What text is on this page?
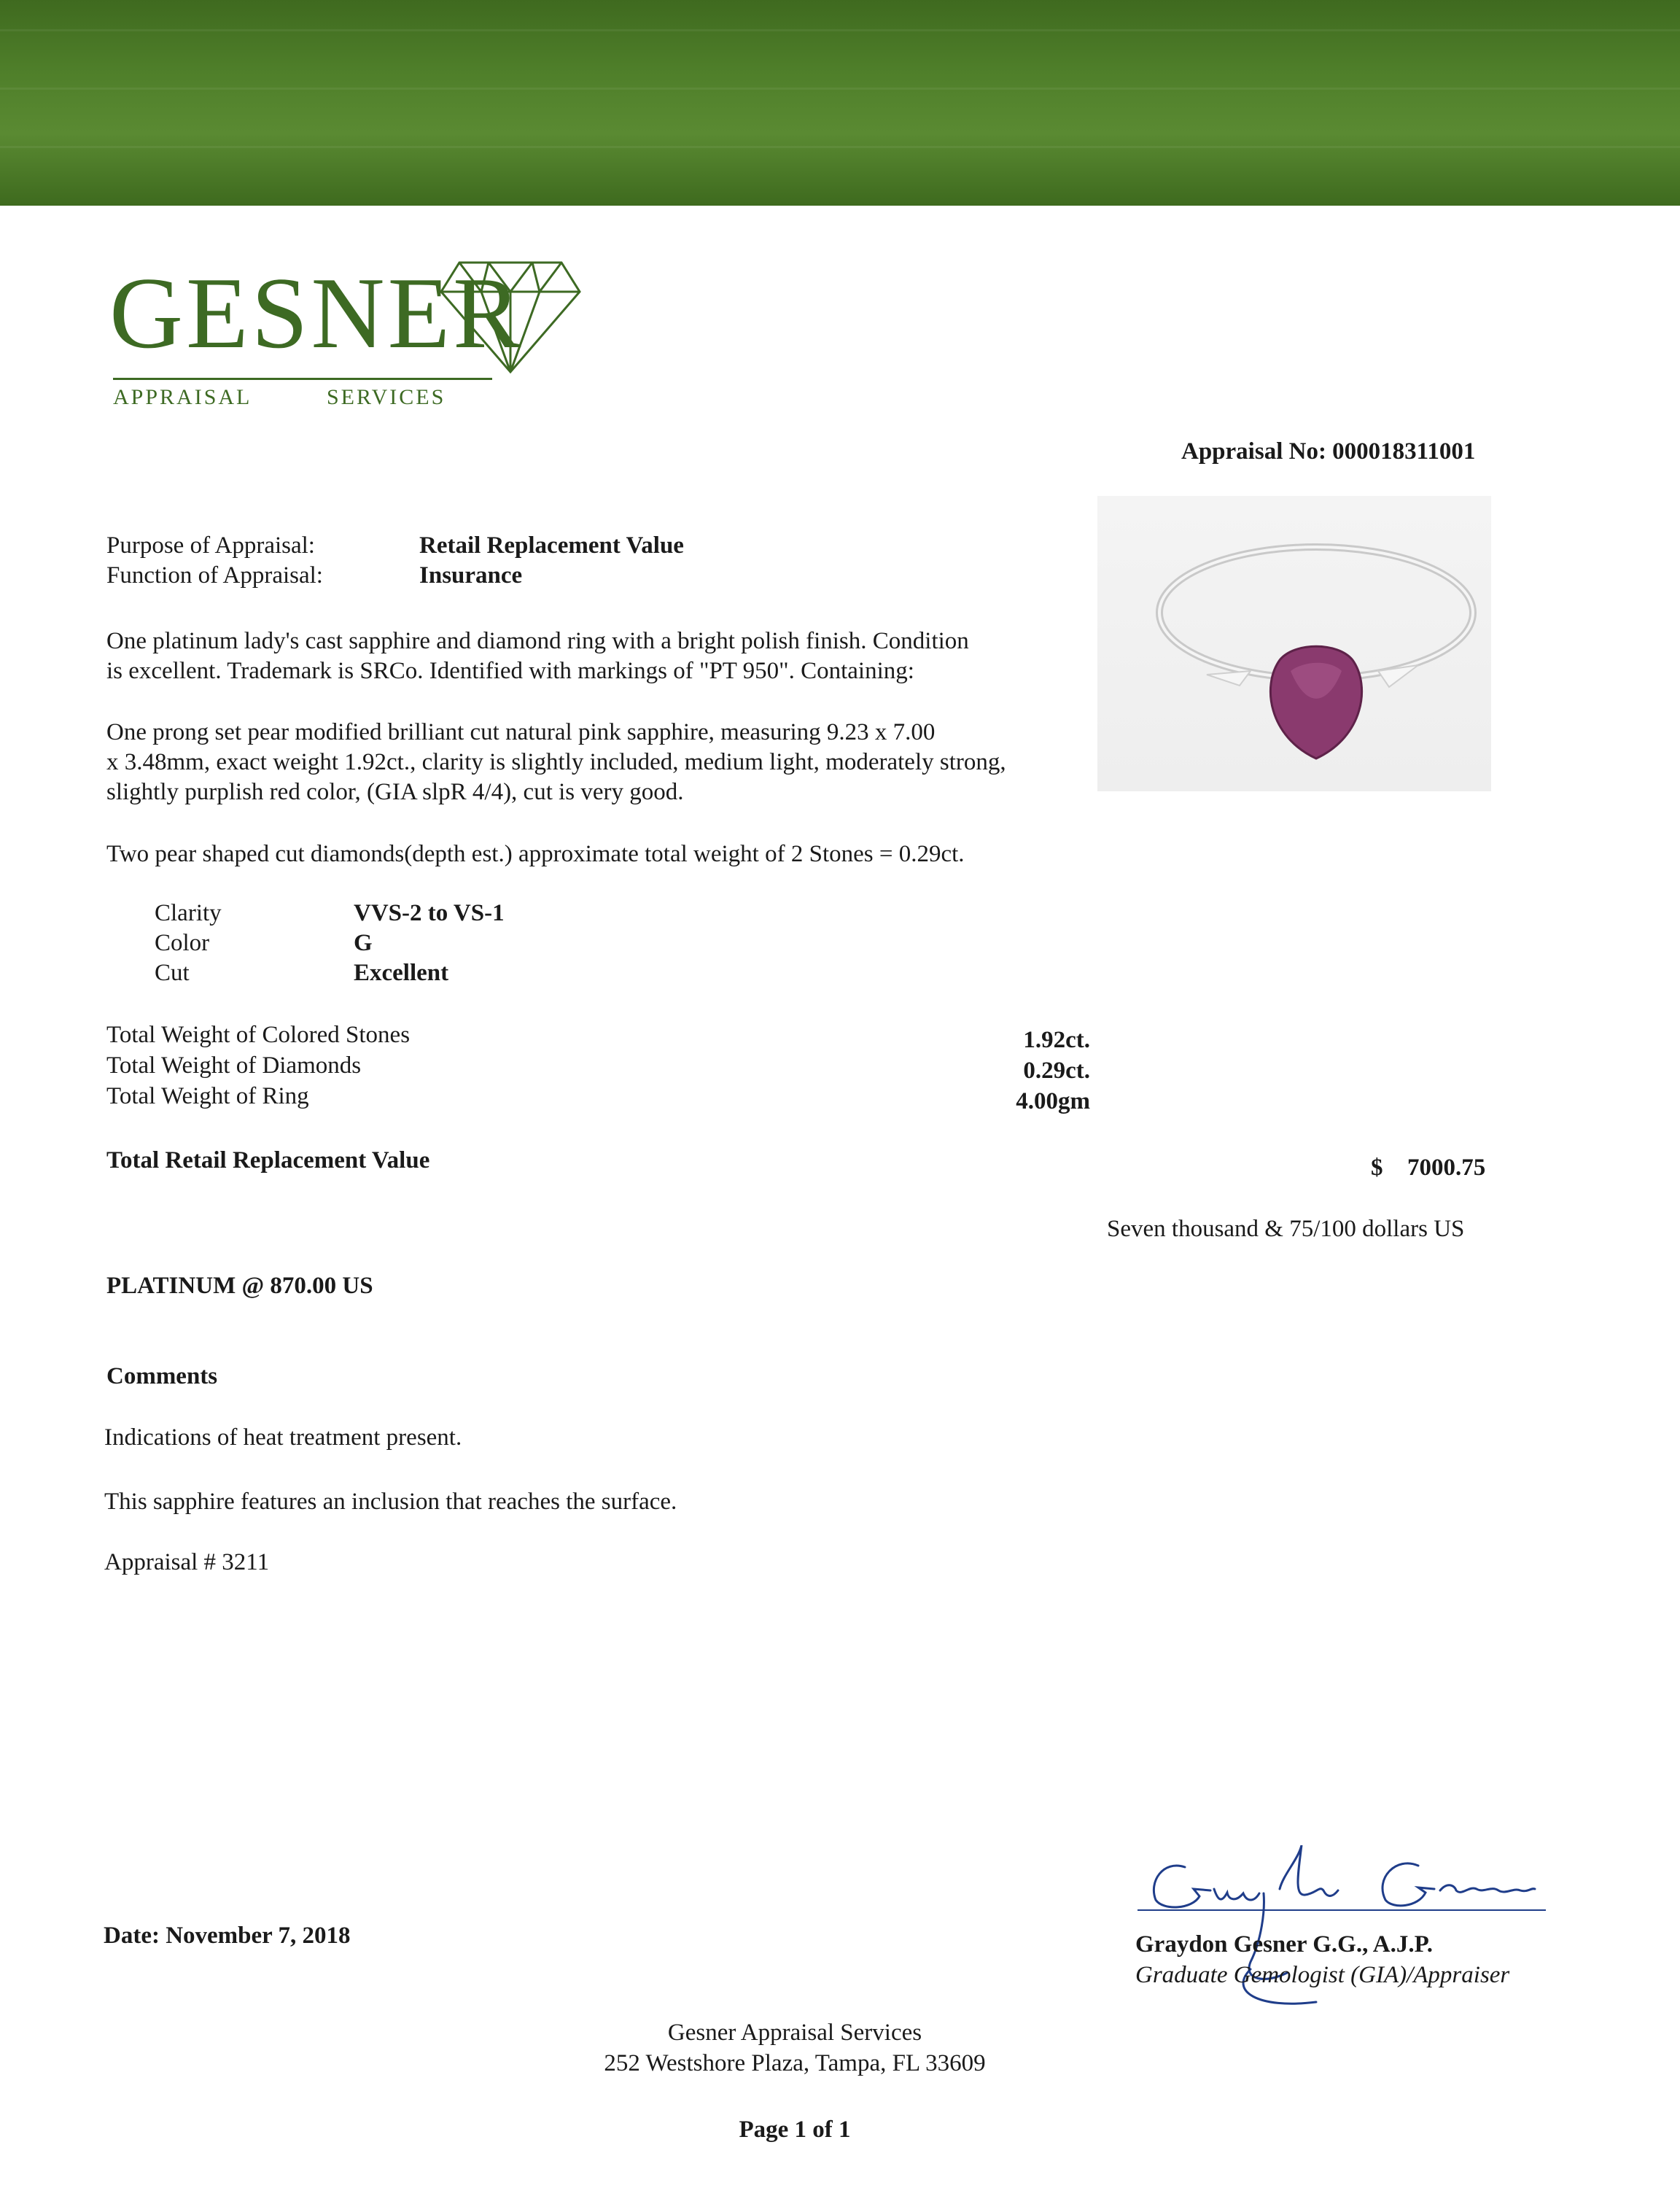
GESNER
APPRAISAL	SERVICES
Appraisal No: 000018311001
Purpose of Appraisal:	Retail Replacement Value
Function of Appraisal:	Insurance
One platinum lady's cast sapphire and diamond ring with a bright polish finish. Condition
is excellent. Trademark is SRCo. Identified with markings of "PT 950". Containing:
One prong set pear modified brilliant cut natural pink sapphire, measuring 9.23 x 7.00
x 3.48mm, exact weight 1.92ct., clarity is slightly included, medium light, moderately strong,
slightly purplish red color, (GIA slpR 4/4), cut is very good.
Two pear shaped cut diamonds(depth est.) approximate total weight of 2 Stones = 0.29ct.
Clarity	VVS-2 to VS-1
Color	G
Cut	Excellent
Total Weight of Colored Stones	1.92ct.
Total Weight of Diamonds	0.29ct.
Total Weight of Ring	4.00gm
Total Retail Replacement Value	$ 7000.75
Seven thousand & 75/100 dollars US
PLATINUM @ 870.00 US
Comments
Indications of heat treatment present.
This sapphire features an inclusion that reaches the surface.
Appraisal # 3211
Date: November 7, 2018	Graydon Gesner G.G., A.J.P.
Graduate Gemologist (GIA)/Appraiser
Gesner Appraisal Services
252 Westshore Plaza, Tampa, FL 33609
Page 1 of 1
